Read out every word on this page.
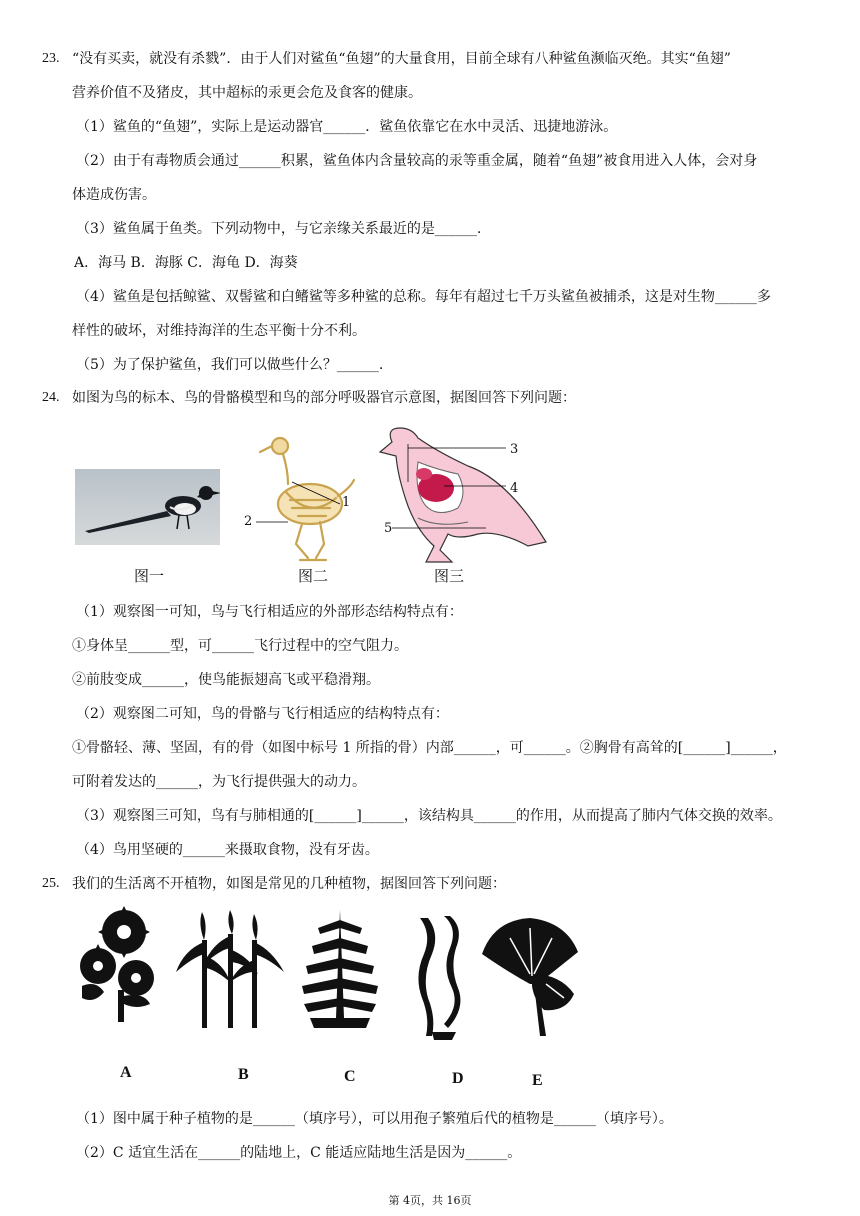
23. “没有买卖，就没有杀戮”．由于人们对鲨鱼“鱼翅”的大量食用，目前全球有八种鲨鱼濒临灭绝。其实“鱼翅”
营养价值不及猪皮，其中超标的汞更会危及食客的健康。
（1）鲨鱼的“鱼翅”，实际上是运动器官______．鲨鱼依靠它在水中灵活、迅捷地游泳。
（2）由于有毒物质会通过______积累，鲨鱼体内含量较高的汞等重金属，随着“鱼翅”被食用进入人体，会对身
体造成伤害。
（3）鲨鱼属于鱼类。下列动物中，与它亲缘关系最近的是______.
A．海马 B．海豚 C．海龟 D．海葵
（4）鲨鱼是包括鲸鲨、双髻鲨和白鳍鲨等多种鲨的总称。每年有超过七千万头鲨鱼被捕杀，这是对生物______多
样性的破坏，对维持海洋的生态平衡十分不利。
（5）为了保护鲨鱼，我们可以做些什么？______.
24. 如图为鸟的标本、鸟的骨骼模型和鸟的部分呼吸器官示意图，据图回答下列问题：
图一
1
2
图二
3
4
5
图三
（1）观察图一可知，鸟与飞行相适应的外部形态结构特点有：
①身体呈______型，可______飞行过程中的空气阻力。
②前肢变成______，使鸟能振翅高飞或平稳滑翔。
（2）观察图二可知，鸟的骨骼与飞行相适应的结构特点有：
①骨骼轻、薄、坚固，有的骨（如图中标号 1 所指的骨）内部______，可______。②胸骨有高耸的[______]______，
可附着发达的______，为飞行提供强大的动力。
（3）观察图三可知，鸟有与肺相通的[______]______，该结构具______的作用，从而提高了肺内气体交换的效率。
（4）鸟用坚硬的______来摄取食物，没有牙齿。
25. 我们的生活离不开植物，如图是常见的几种植物，据图回答下列问题：
A	B	C	D	E
（1）图中属于种子植物的是______（填序号），可以用孢子繁殖后代的植物是______（填序号）。
（2）C 适宜生活在______的陆地上，C 能适应陆地生活是因为______。
第 4页，共 16页
